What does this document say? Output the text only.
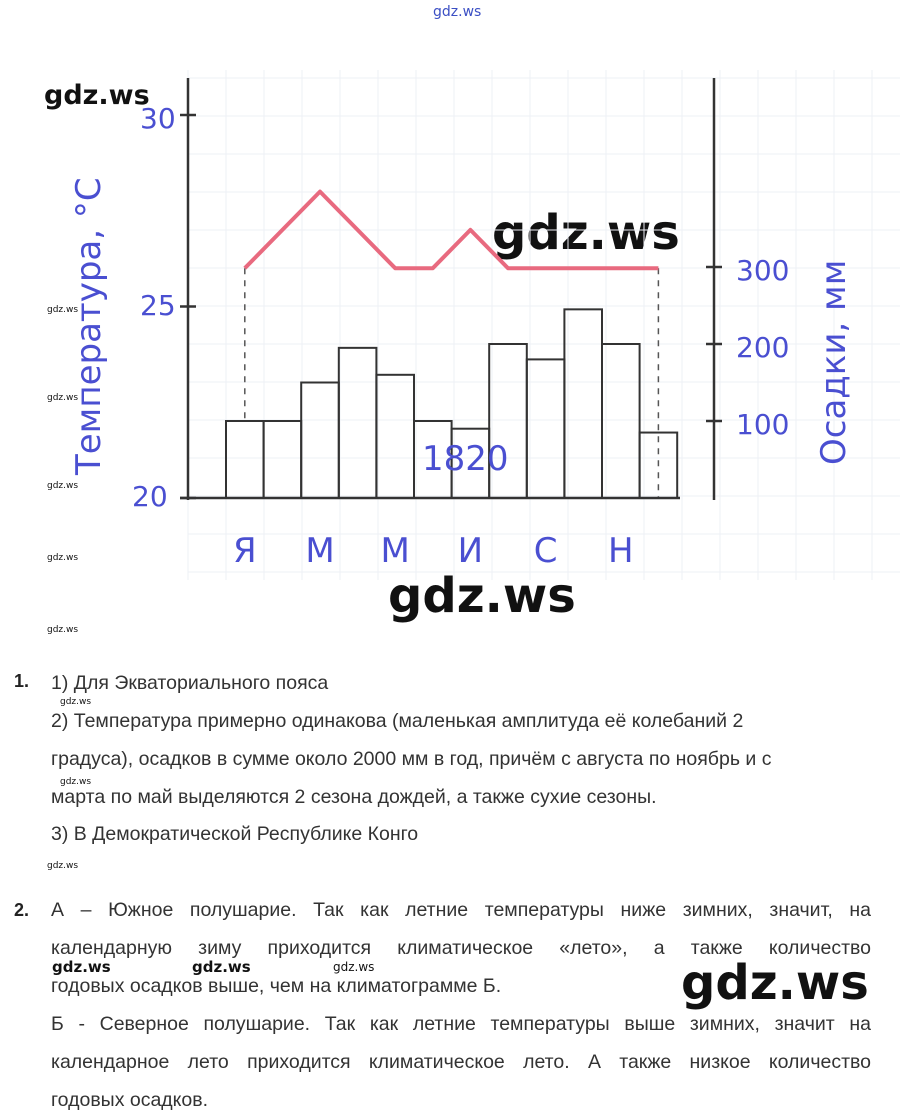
gdz.ws
gdz.ws
gdz.ws
gdz.ws
gdz.ws
gdz.ws
gdz.ws
gdz.ws
gdz.ws
gdz.ws
gdz.ws
gdz.ws
gdz.ws
gdz.ws	gdz.ws	gdz.ws
Температура, °С	Осадки, мм
30
25
20
300
200
100
1820
Я М М И С Н
1. 1) Для Экваториального пояса
2) Температура примерно одинакова (маленькая амплитуда её колебаний 2
градуса), осадков в сумме около 2000 мм в год, причём с августа по ноябрь и с
марта по май выделяются 2 сезона дождей, а также сухие сезоны.
3) В Демократической Республике Конго
2. А – Южное полушарие. Так как летние температуры ниже зимних, значит, на
календарную зиму приходится климатическое «лето», а также количество
годовых осадков выше, чем на климатограмме Б.
Б - Северное полушарие. Так как летние температуры выше зимних, значит на
календарное лето приходится климатическое лето. А также низкое количество
годовых осадков.
